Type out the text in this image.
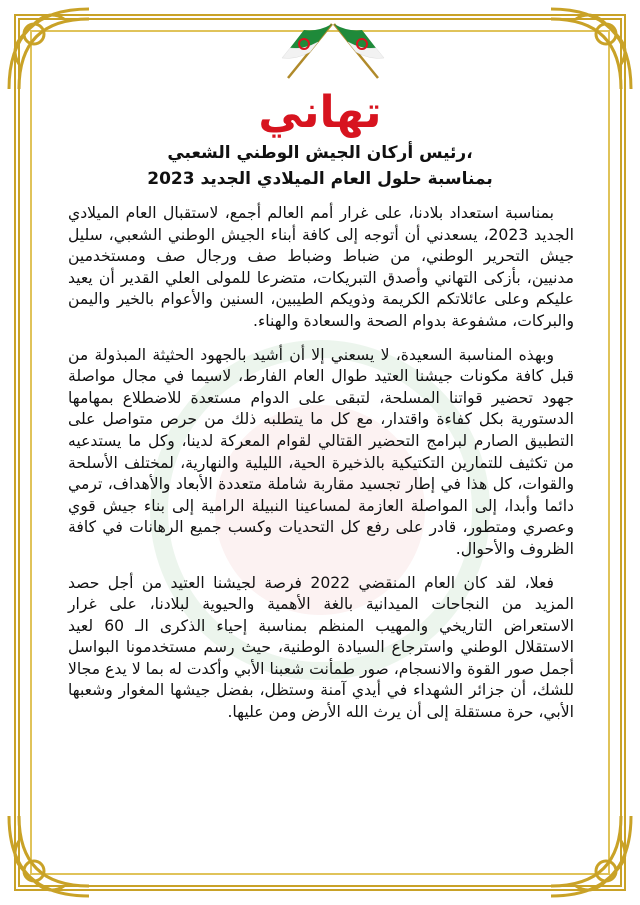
تهاني
رئيس أركان الجيش الوطني الشعبي،
بمناسبة حلول العام الميلادي الجديد 2023

بمناسبة استعداد بلادنا، على غرار أمم العالم أجمع، لاستقبال العام الميلادي الجديد 2023، يسعدني أن أتوجه إلى كافة أبناء الجيش الوطني الشعبي، سليل جيش التحرير الوطني، من ضباط وضباط صف ورجال صف ومستخدمين مدنيين، بأزكى التهاني وأصدق التبريكات، متضرعا للمولى العلي القدير أن يعيد عليكم وعلى عائلاتكم الكريمة وذويكم الطيبين، السنين والأعوام بالخير واليمن والبركات، مشفوعة بدوام الصحة والسعادة والهناء.

وبهذه المناسبة السعيدة، لا يسعني إلا أن أشيد بالجهود الحثيثة المبذولة من قبل كافة مكونات جيشنا العتيد طوال العام الفارط، لاسيما في مجال مواصلة جهود تحضير قواتنا المسلحة، لتبقى على الدوام مستعدة للاضطلاع بمهامها الدستورية بكل كفاءة واقتدار، مع كل ما يتطلبه ذلك من حرص متواصل على التطبيق الصارم لبرامج التحضير القتالي لقوام المعركة لدينا، وكل ما يستدعيه من تكثيف للتمارين التكتيكية بالذخيرة الحية، الليلية والنهارية، لمختلف الأسلحة والقوات، كل هذا في إطار تجسيد مقاربة شاملة متعددة الأبعاد والأهداف، ترمي دائما وأبدا، إلى المواصلة العازمة لمساعينا النبيلة الرامية إلى بناء جيش قوي وعصري ومتطور، قادر على رفع كل التحديات وكسب جميع الرهانات في كافة الظروف والأحوال.

فعلا، لقد كان العام المنقضي 2022 فرصة لجيشنا العتيد من أجل حصد المزيد من النجاحات الميدانية بالغة الأهمية والحيوية لبلادنا، على غرار الاستعراض التاريخي والمهيب المنظم بمناسبة إحياء الذكرى الـ 60 لعيد الاستقلال الوطني واسترجاع السيادة الوطنية، حيث رسم مستخدمونا البواسل أجمل صور القوة والانسجام، صور طمأنت شعبنا الأبي وأكدت له بما لا يدع مجالا للشك، أن جزائر الشهداء في أيدي آمنة وستظل، بفضل جيشها المغوار وشعبها الأبي، حرة مستقلة إلى أن يرث الله الأرض ومن عليها.
